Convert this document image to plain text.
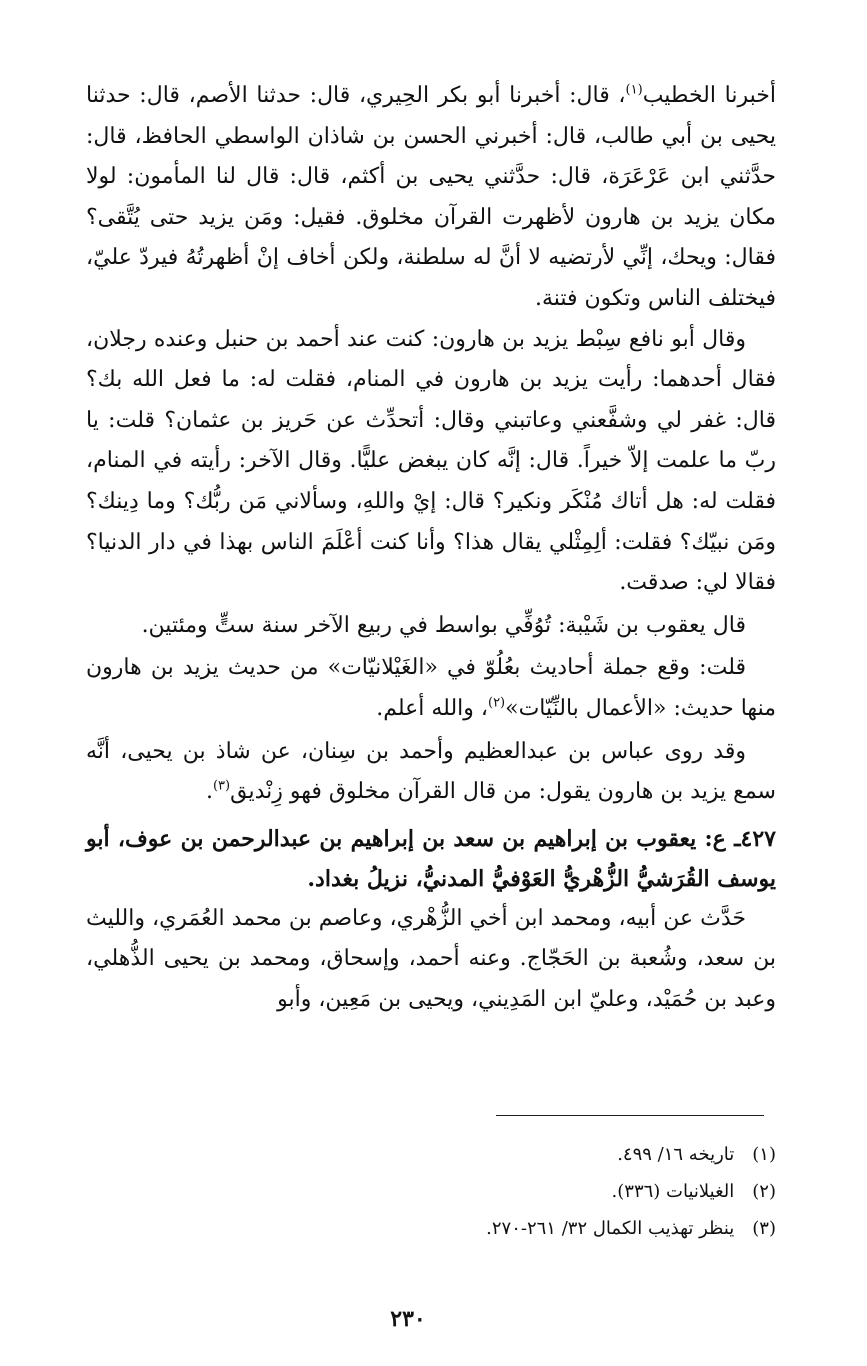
أخبرنا الخطيب$^{(١)}$، قال: أخبرنا أبو بكر الحِيري، قال: حدثنا الأصم، قال: حدثنا يحيى بن أبي طالب، قال: أخبرني الحسن بن شاذان الواسطي الحافظ، قال: حدَّثني ابن عَرْعَرَة، قال: حدَّثني يحيى بن أكثم، قال: قال لنا المأمون: لولا مكان يزيد بن هارون لأظهرت القرآن مخلوق. فقيل: ومَن يزيد حتى يُتَّقى؟ فقال: ويحك، إنِّي لأرتضيه لا أنَّ له سلطنة، ولكن أخاف إنْ أظهرتُهُ فيردّ عليّ، فيختلف الناس وتكون فتنة.

وقال أبو نافع سِبْط يزيد بن هارون: كنت عند أحمد بن حنبل وعنده رجلان، فقال أحدهما: رأيت يزيد بن هارون في المنام، فقلت له: ما فعل الله بك؟ قال: غفر لي وشفَّعني وعاتبني وقال: أتحدِّث عن حَريز بن عثمان؟ قلت: يا ربّ ما علمت إلاّ خيراً. قال: إنَّه كان يبغض عليًّا. وقال الآخر: رأيته في المنام، فقلت له: هل أتاك مُنْكَر ونكير؟ قال: إيْ واللهِ، وسألاني مَن ربُّك؟ وما دِينك؟ ومَن نبيّك؟ فقلت: ألِمِثْلي يقال هذا؟ وأنا كنت أعْلَمَ الناس بهذا في دار الدنيا؟ فقالا لي: صدقت.

قال يعقوب بن شَيْبة: تُوُفِّي بواسط في ربيع الآخر سنة ستٍّ ومئتين.

قلت: وقع جملة أحاديث بعُلُوّ في «الغَيْلانيّات» من حديث يزيد بن هارون منها حديث: «الأعمال بالنِّيّات»$^{(٢)}$، والله أعلم.

وقد روى عباس بن عبدالعظيم وأحمد بن سِنان، عن شاذ بن يحيى، أنَّه سمع يزيد بن هارون يقول: من قال القرآن مخلوق فهو زِنْديق$^{(٣)}$.

٤٢٧ـ ع: يعقوب بن إبراهيم بن سعد بن إبراهيم بن عبدالرحمن بن عوف، أبو يوسف القُرَشيُّ الزُّهْريُّ العَوْفيُّ المدنيُّ، نزيلُ بغداد.

حَدَّث عن أبيه، ومحمد ابن أخي الزُّهْري، وعاصم بن محمد العُمَري، والليث بن سعد، وشُعبة بن الحَجّاج. وعنه أحمد، وإسحاق، ومحمد بن يحيى الذُّهلي، وعبد بن حُمَيْد، وعليّ ابن المَدِيني، ويحيى بن مَعِين، وأبو

(١)
تاريخه ١٦/ ٤٩٩.
(٢)
الغيلانيات (٣٣٦).
(٣)
ينظر تهذيب الكمال ٣٢/ ٢٦١-٢٧٠.
٢٣٠
